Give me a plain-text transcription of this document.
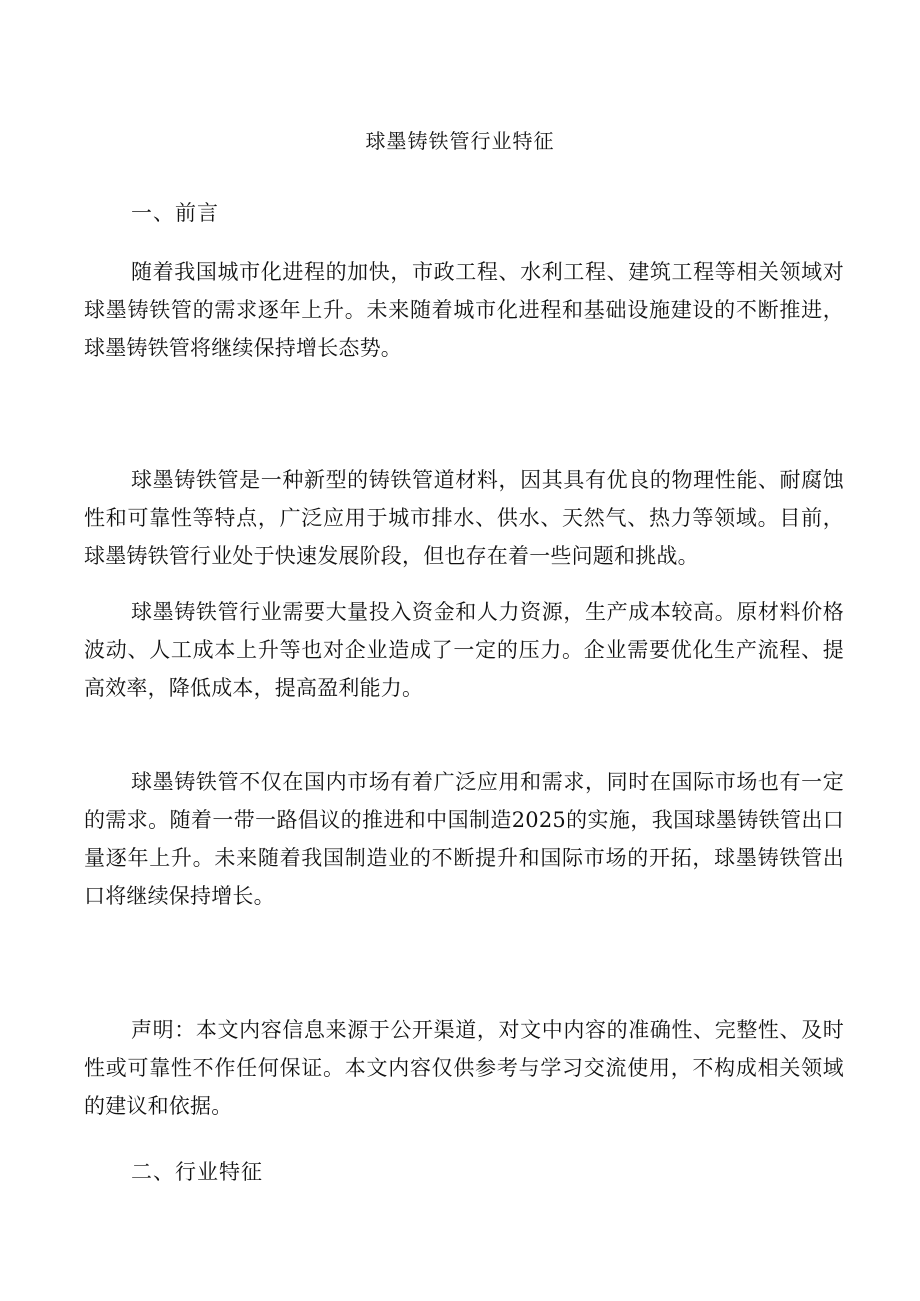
球墨铸铁管行业特征
一、前言

随着我国城市化进程的加快，市政工程、水利工程、建筑工程等相关领域对球墨铸铁管的需求逐年上升。未来随着城市化进程和基础设施建设的不断推进，球墨铸铁管将继续保持增长态势。

球墨铸铁管是一种新型的铸铁管道材料，因其具有优良的物理性能、耐腐蚀性和可靠性等特点，广泛应用于城市排水、供水、天然气、热力等领域。目前，球墨铸铁管行业处于快速发展阶段，但也存在着一些问题和挑战。

球墨铸铁管行业需要大量投入资金和人力资源，生产成本较高。原材料价格波动、人工成本上升等也对企业造成了一定的压力。企业需要优化生产流程、提高效率，降低成本，提高盈利能力。

球墨铸铁管不仅在国内市场有着广泛应用和需求，同时在国际市场也有一定的需求。随着一带一路倡议的推进和中国制造2025的实施，我国球墨铸铁管出口量逐年上升。未来随着我国制造业的不断提升和国际市场的开拓，球墨铸铁管出口将继续保持增长。

声明：本文内容信息来源于公开渠道，对文中内容的准确性、完整性、及时性或可靠性不作任何保证。本文内容仅供参考与学习交流使用，不构成相关领域的建议和依据。

二、行业特征
